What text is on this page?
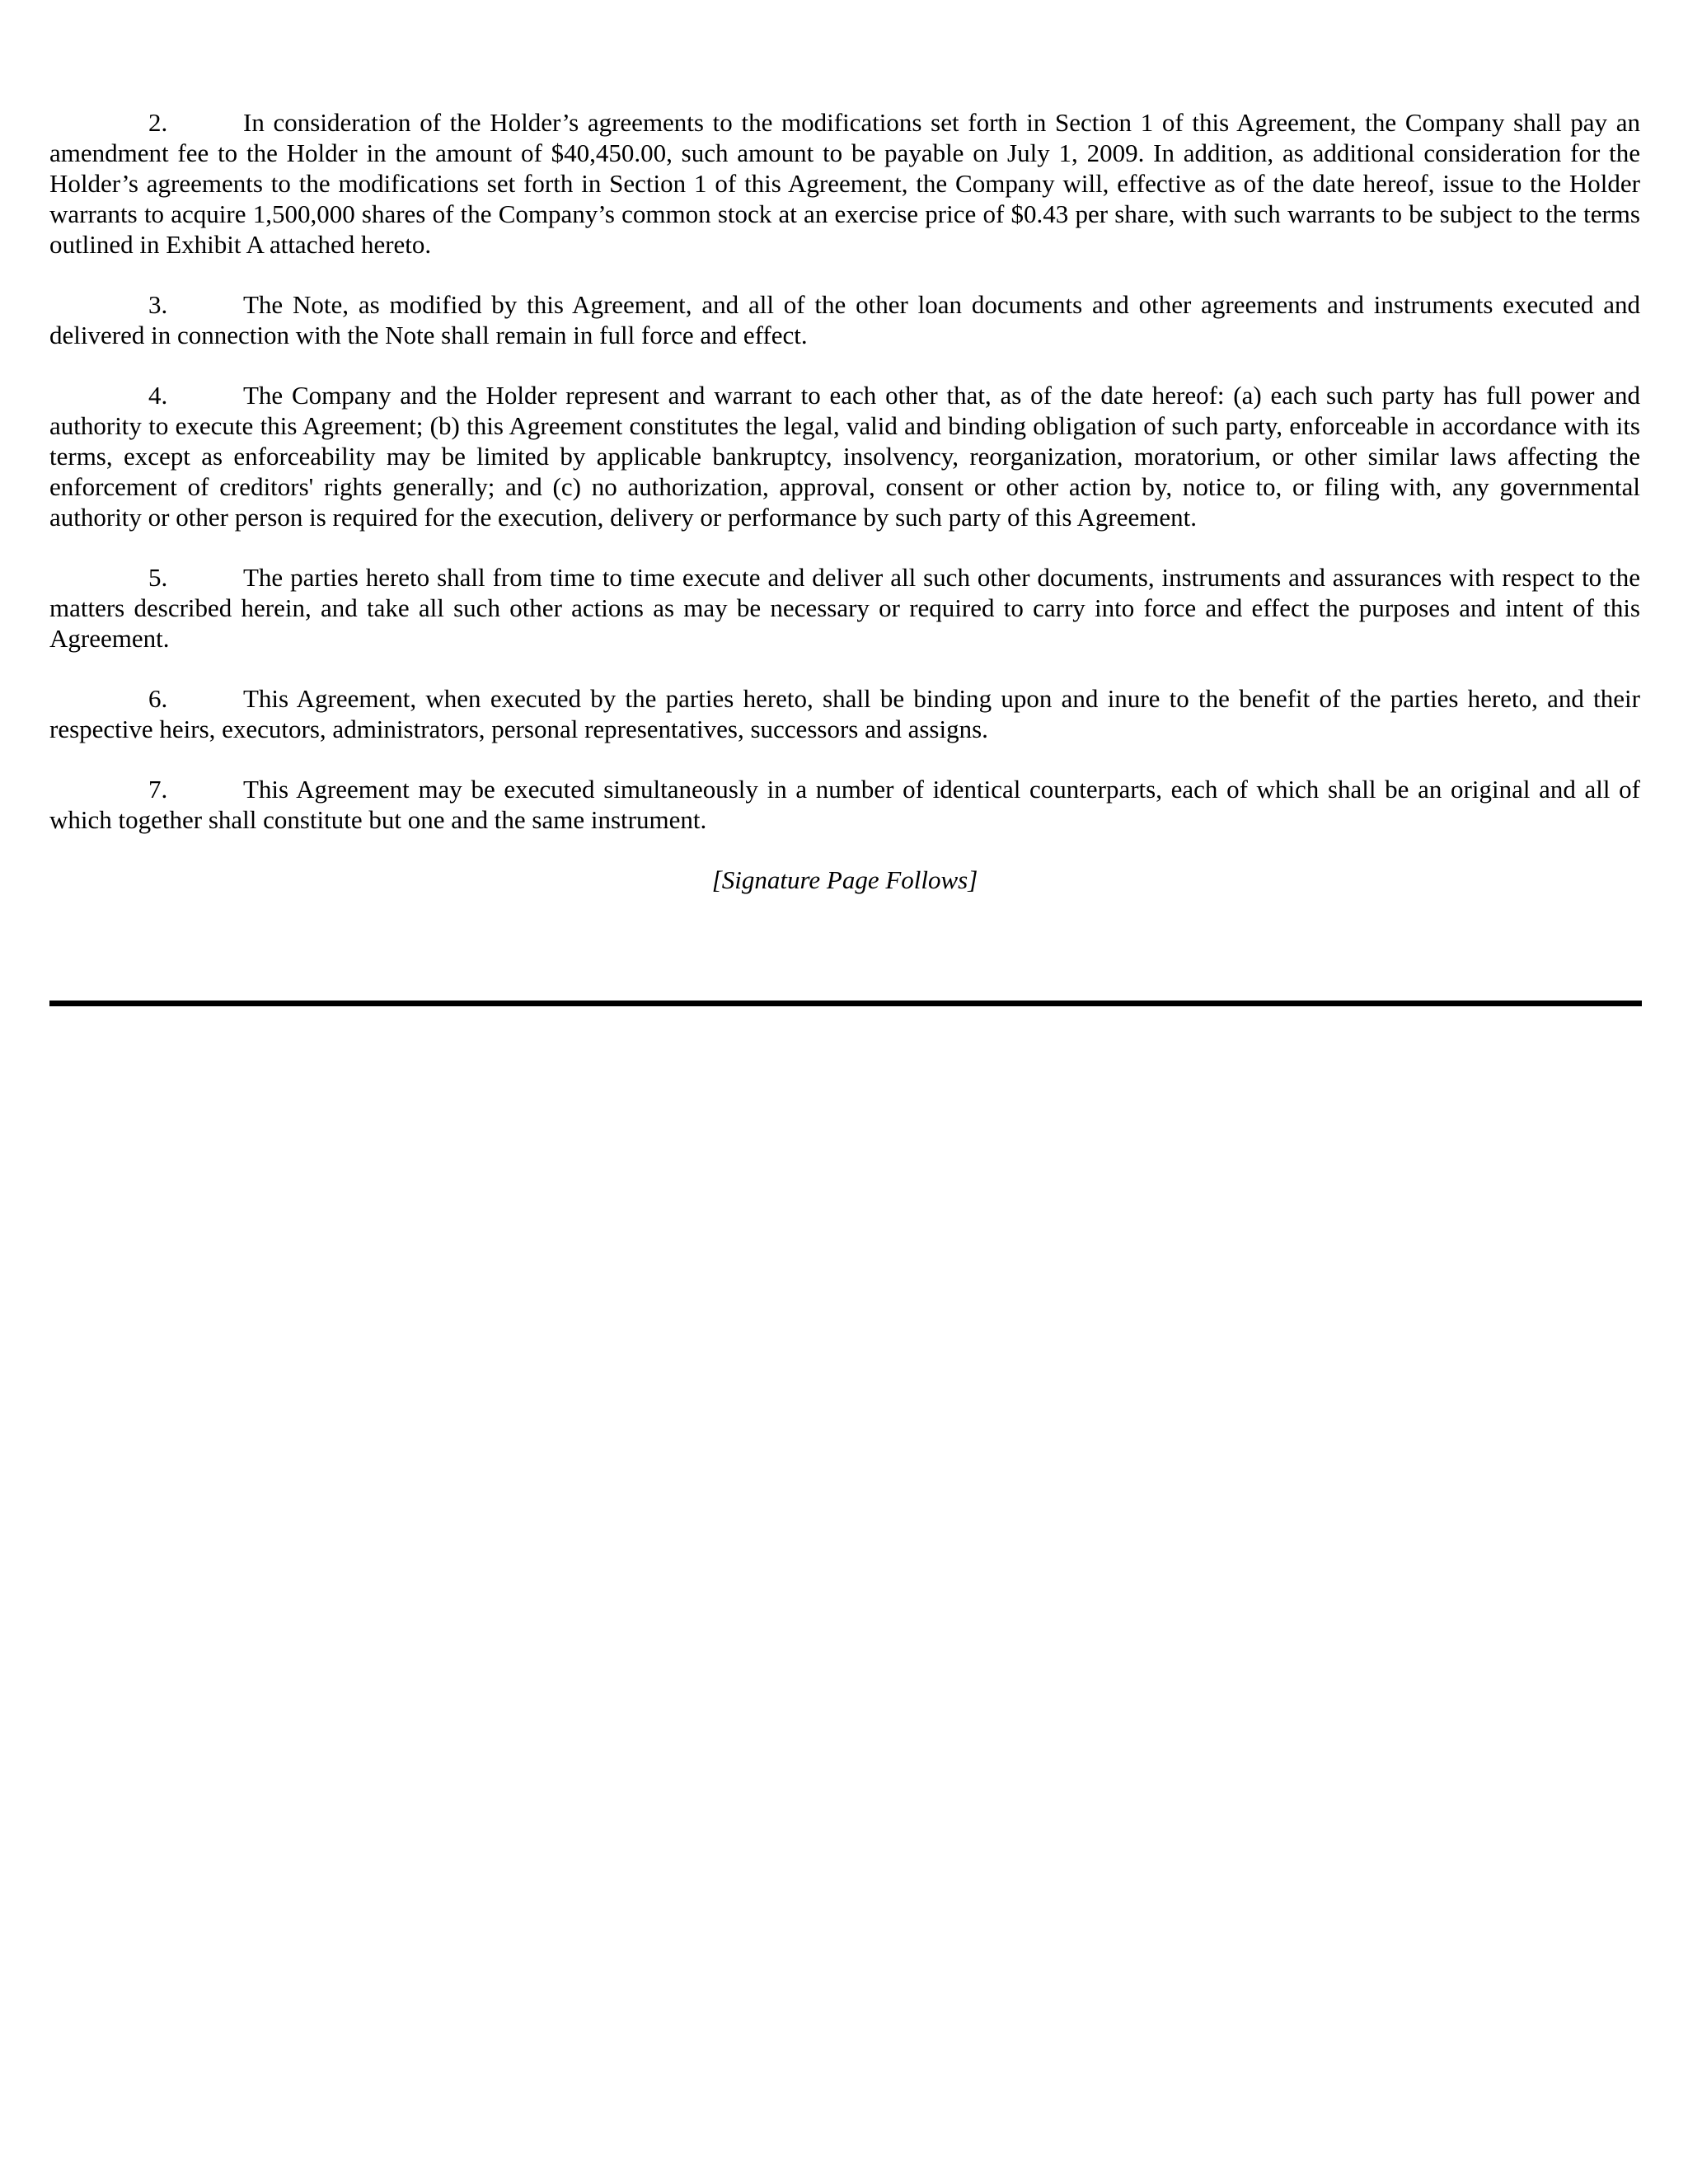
2.	In consideration of the Holder’s agreements to the modifications set forth in Section 1 of this Agreement, the Company shall pay an amendment fee to the Holder in the amount of $40,450.00, such amount to be payable on July 1, 2009. In addition, as additional consideration for the Holder’s agreements to the modifications set forth in Section 1 of this Agreement, the Company will, effective as of the date hereof, issue to the Holder warrants to acquire 1,500,000 shares of the Company’s common stock at an exercise price of $0.43 per share, with such warrants to be subject to the terms outlined in Exhibit A attached hereto.

3.	The Note, as modified by this Agreement, and all of the other loan documents and other agreements and instruments executed and delivered in connection with the Note shall remain in full force and effect.

4.	The Company and the Holder represent and warrant to each other that, as of the date hereof: (a) each such party has full power and authority to execute this Agreement; (b) this Agreement constitutes the legal, valid and binding obligation of such party, enforceable in accordance with its terms, except as enforceability may be limited by applicable bankruptcy, insolvency, reorganization, moratorium, or other similar laws affecting the enforcement of creditors' rights generally; and (c) no authorization, approval, consent or other action by, notice to, or filing with, any governmental authority or other person is required for the execution, delivery or performance by such party of this Agreement.

5.	The parties hereto shall from time to time execute and deliver all such other documents, instruments and assurances with respect to the matters described herein, and take all such other actions as may be necessary or required to carry into force and effect the purposes and intent of this Agreement.

6.	This Agreement, when executed by the parties hereto, shall be binding upon and inure to the benefit of the parties hereto, and their respective heirs, executors, administrators, personal representatives, successors and assigns.

7.	This Agreement may be executed simultaneously in a number of identical counterparts, each of which shall be an original and all of which together shall constitute but one and the same instrument.

[Signature Page Follows]
